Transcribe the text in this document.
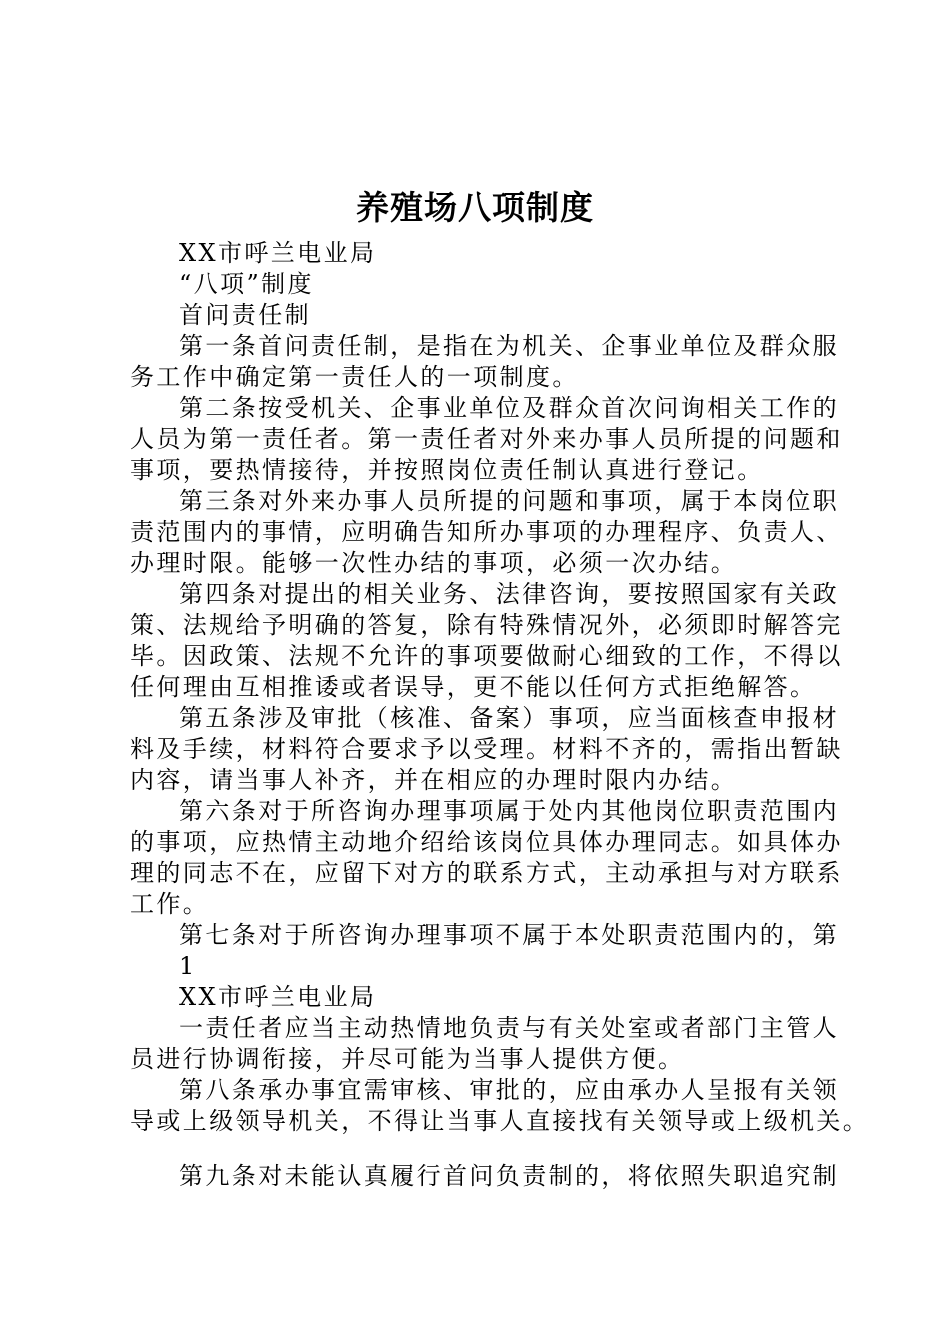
养殖场八项制度
XX市呼兰电业局
“八项”制度
首问责任制
第一条首问责任制，是指在为机关、企事业单位及群众服
务工作中确定第一责任人的一项制度。
第二条按受机关、企事业单位及群众首次问询相关工作的
人员为第一责任者。第一责任者对外来办事人员所提的问题和
事项，要热情接待，并按照岗位责任制认真进行登记。
第三条对外来办事人员所提的问题和事项，属于本岗位职
责范围内的事情，应明确告知所办事项的办理程序、负责人、
办理时限。能够一次性办结的事项，必须一次办结。
第四条对提出的相关业务、法律咨询，要按照国家有关政
策、法规给予明确的答复，除有特殊情况外，必须即时解答完
毕。因政策、法规不允许的事项要做耐心细致的工作，不得以
任何理由互相推诿或者误导，更不能以任何方式拒绝解答。
第五条涉及审批（核准、备案）事项，应当面核查申报材
料及手续，材料符合要求予以受理。材料不齐的，需指出暂缺
内容，请当事人补齐，并在相应的办理时限内办结。
第六条对于所咨询办理事项属于处内其他岗位职责范围内
的事项，应热情主动地介绍给该岗位具体办理同志。如具体办
理的同志不在，应留下对方的联系方式，主动承担与对方联系
工作。
第七条对于所咨询办理事项不属于本处职责范围内的，第
1
XX市呼兰电业局
一责任者应当主动热情地负责与有关处室或者部门主管人
员进行协调衔接，并尽可能为当事人提供方便。
第八条承办事宜需审核、审批的，应由承办人呈报有关领
导或上级领导机关，不得让当事人直接找有关领导或上级机关。
第九条对未能认真履行首问负责制的，将依照失职追究制
